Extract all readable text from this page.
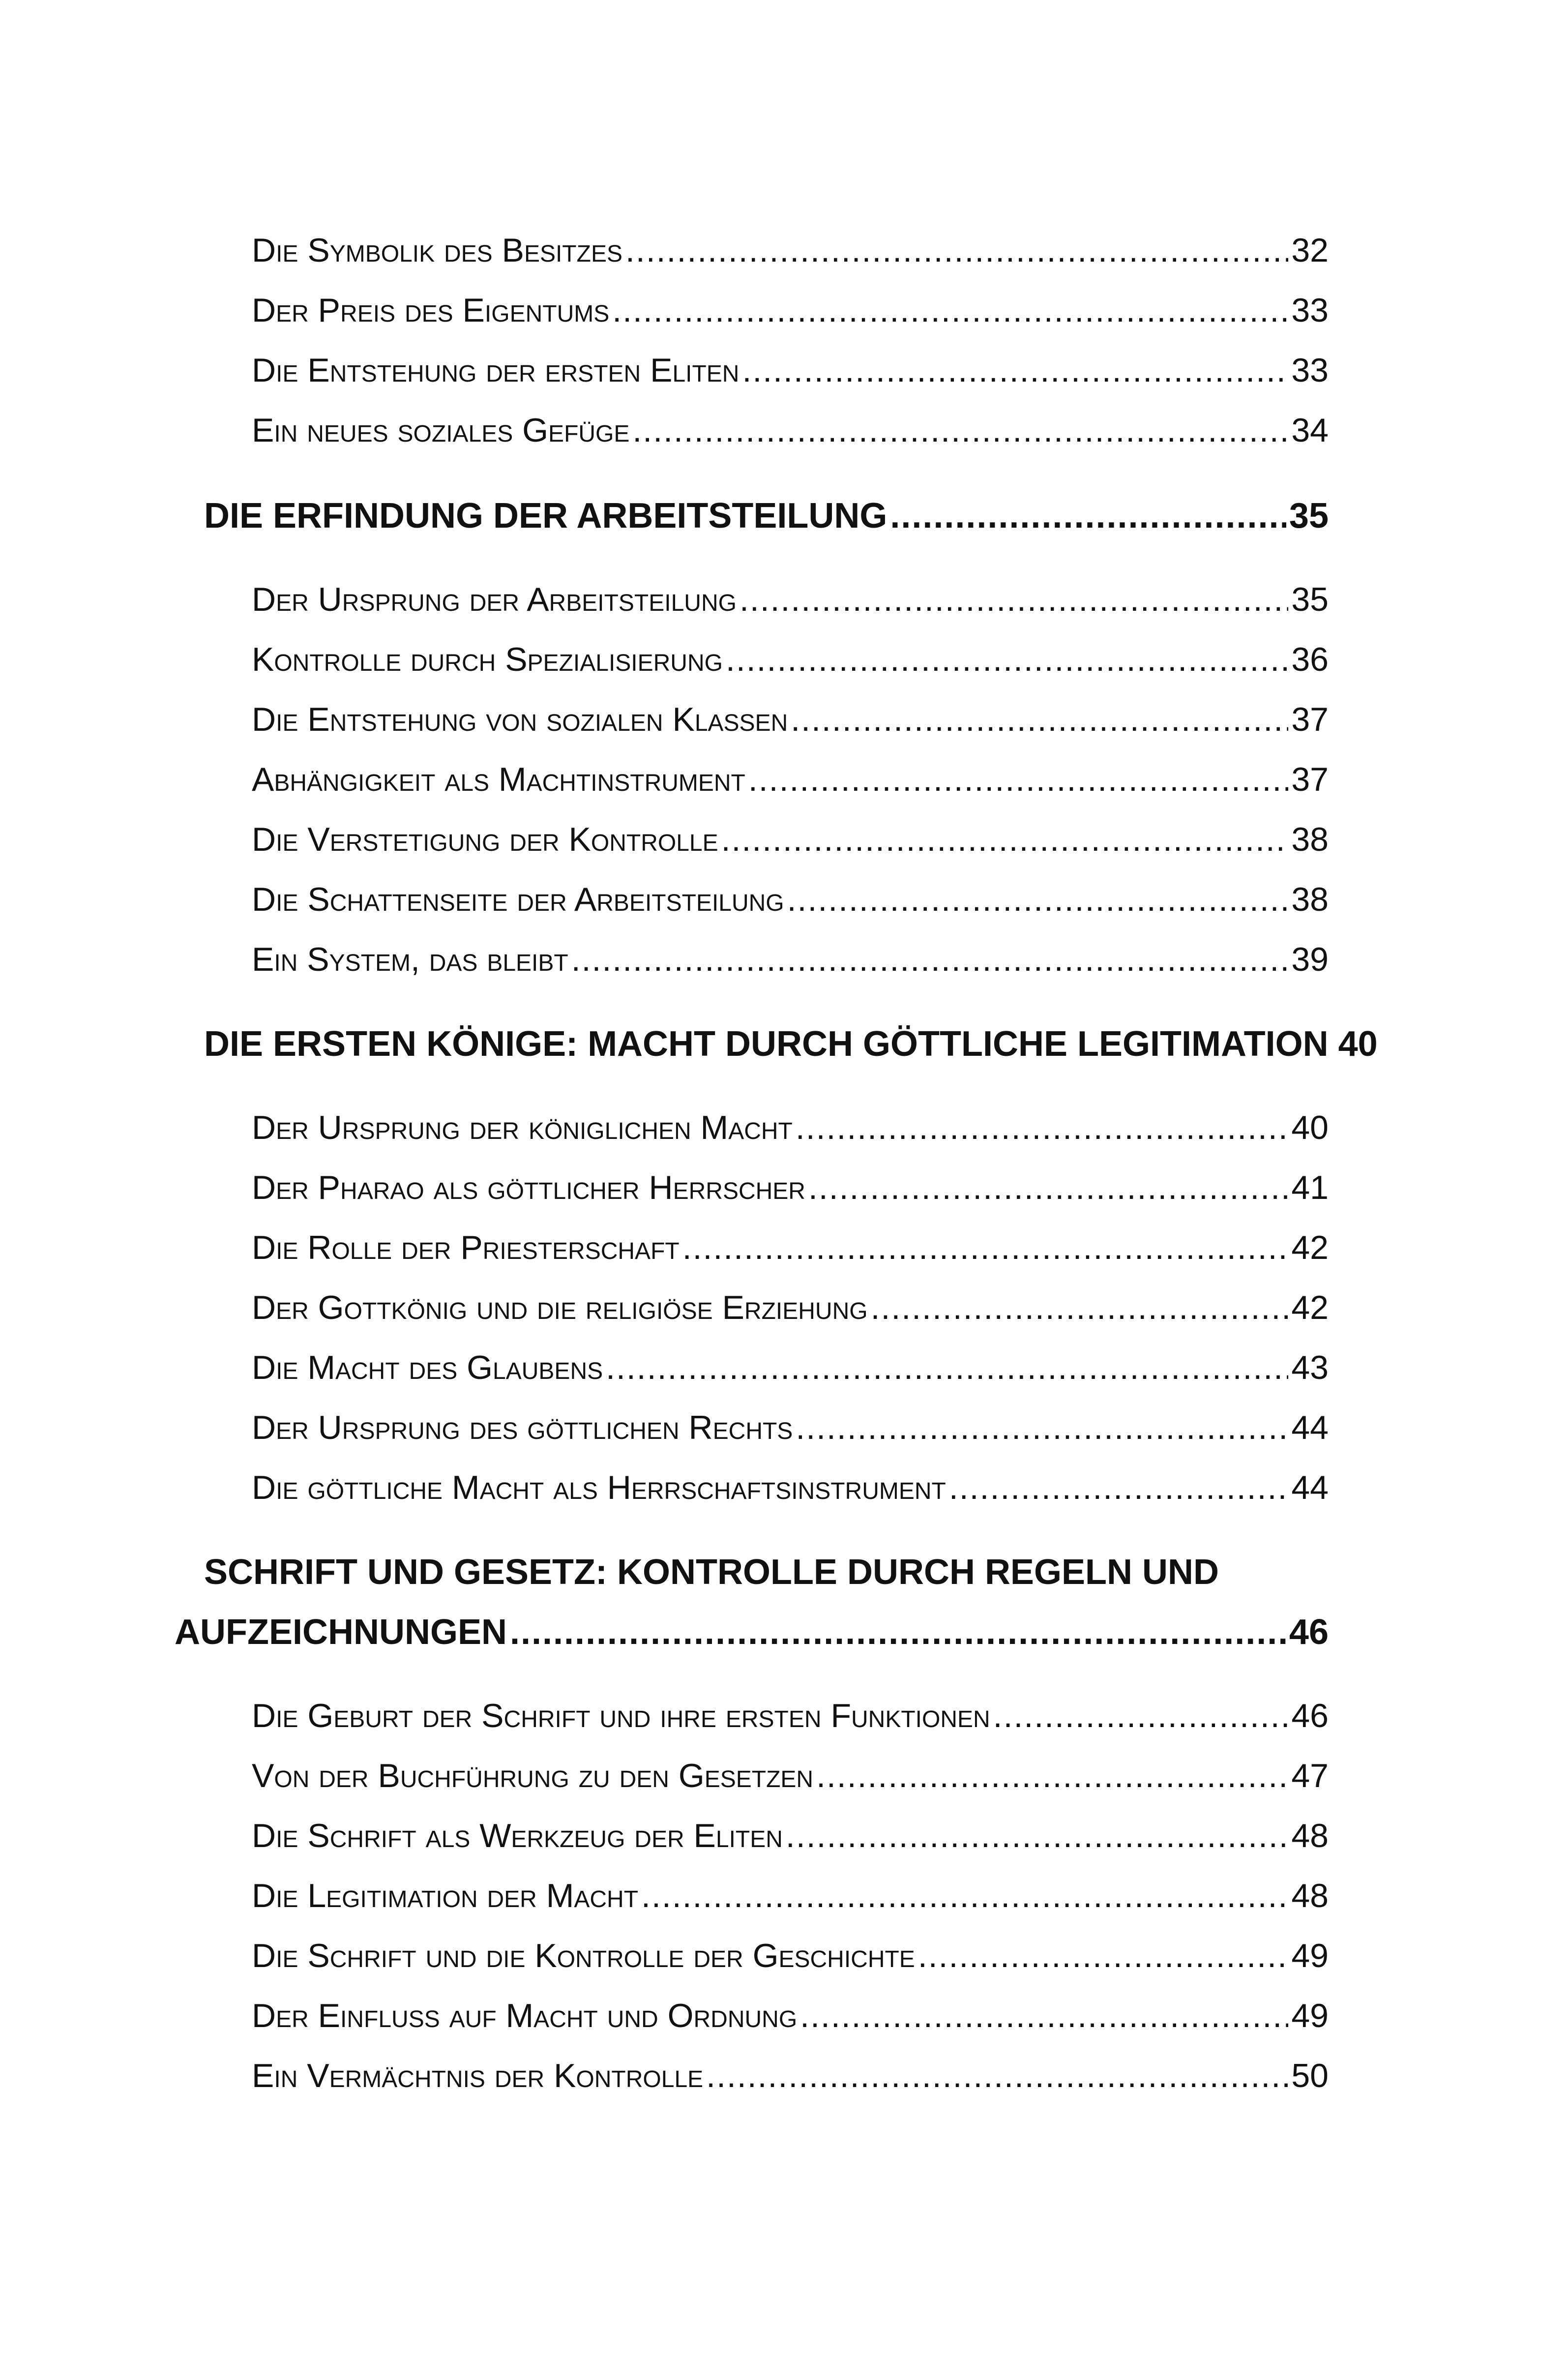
Die Symbolik des Besitzes .....	32
Der Preis des Eigentums .....	33
Die Entstehung der ersten Eliten .....	33
Ein neues soziales Gefüge .....	34
DIE ERFINDUNG DER ARBEITSTEILUNG .....	35
Der Ursprung der Arbeitsteilung .....	35
Kontrolle durch Spezialisierung .....	36
Die Entstehung von sozialen Klassen .....	37
Abhängigkeit als Machtinstrument .....	37
Die Verstetigung der Kontrolle .....	38
Die Schattenseite der Arbeitsteilung .....	38
Ein System, das bleibt .....	39
DIE ERSTEN KÖNIGE: MACHT DURCH GÖTTLICHE LEGITIMATION 40
Der Ursprung der königlichen Macht .....	40
Der Pharao als göttlicher Herrscher .....	41
Die Rolle der Priesterschaft .....	42
Der Gottkönig und die religiöse Erziehung .....	42
Die Macht des Glaubens .....	43
Der Ursprung des göttlichen Rechts .....	44
Die göttliche Macht als Herrschaftsinstrument .....	44
SCHRIFT UND GESETZ: KONTROLLE DURCH REGELN UND
AUFZEICHNUNGEN .....	46
Die Geburt der Schrift und ihre ersten Funktionen .....	46
Von der Buchführung zu den Gesetzen .....	47
Die Schrift als Werkzeug der Eliten .....	48
Die Legitimation der Macht .....	48
Die Schrift und die Kontrolle der Geschichte .....	49
Der Einfluss auf Macht und Ordnung .....	49
Ein Vermächtnis der Kontrolle .....	50
